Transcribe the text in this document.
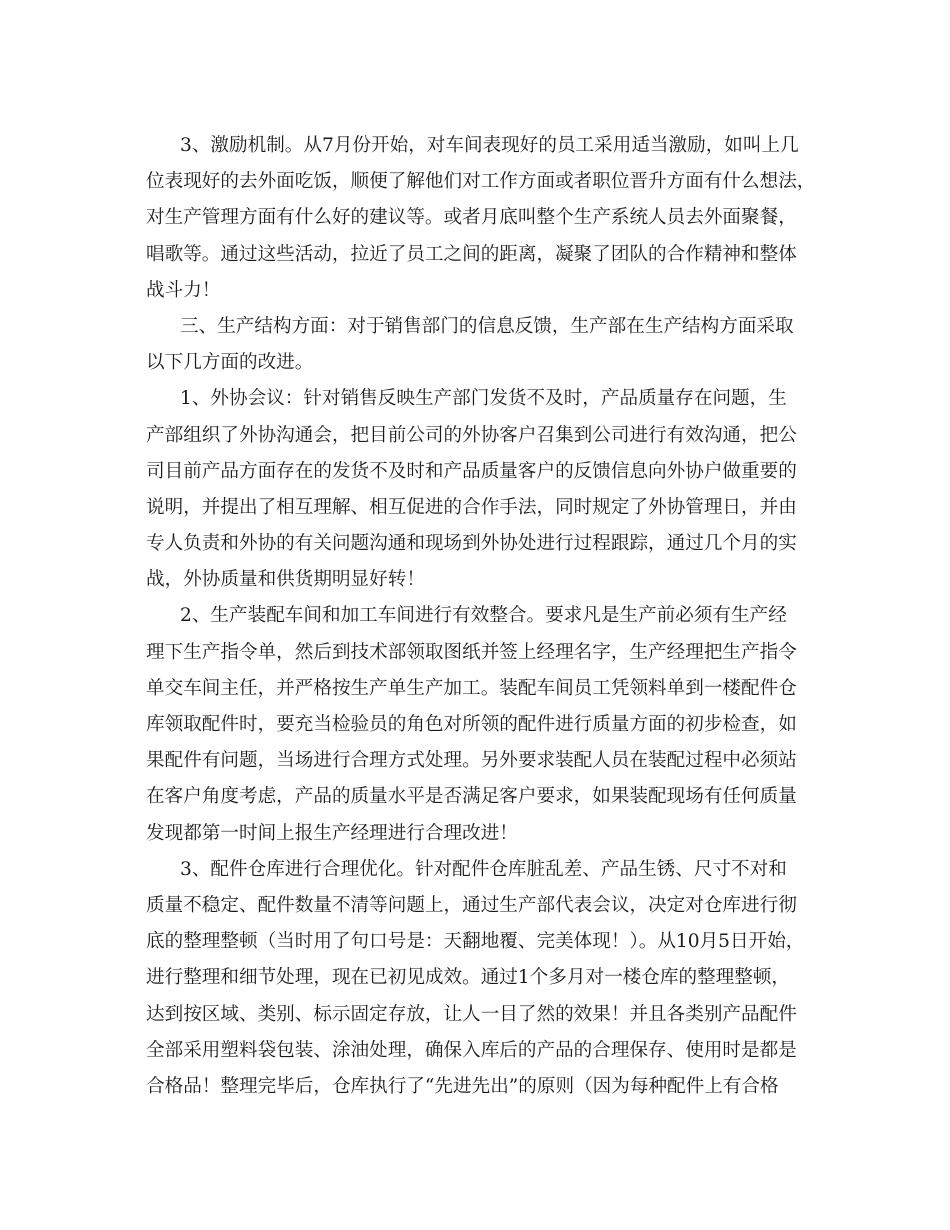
3、激励机制。从7月份开始，对车间表现好的员工采用适当激励，如叫上几
位表现好的去外面吃饭，顺便了解他们对工作方面或者职位晋升方面有什么想法，
对生产管理方面有什么好的建议等。或者月底叫整个生产系统人员去外面聚餐，
唱歌等。通过这些活动，拉近了员工之间的距离，凝聚了团队的合作精神和整体
战斗力！
三、生产结构方面：对于销售部门的信息反馈，生产部在生产结构方面采取
以下几方面的改进。
1、外协会议：针对销售反映生产部门发货不及时，产品质量存在问题，生
产部组织了外协沟通会，把目前公司的外协客户召集到公司进行有效沟通，把公
司目前产品方面存在的发货不及时和产品质量客户的反馈信息向外协户做重要的
说明，并提出了相互理解、相互促进的合作手法，同时规定了外协管理日，并由
专人负责和外协的有关问题沟通和现场到外协处进行过程跟踪，通过几个月的实
战，外协质量和供货期明显好转！
2、生产装配车间和加工车间进行有效整合。要求凡是生产前必须有生产经
理下生产指令单，然后到技术部领取图纸并签上经理名字，生产经理把生产指令
单交车间主任，并严格按生产单生产加工。装配车间员工凭领料单到一楼配件仓
库领取配件时，要充当检验员的角色对所领的配件进行质量方面的初步检查，如
果配件有问题，当场进行合理方式处理。另外要求装配人员在装配过程中必须站
在客户角度考虑，产品的质量水平是否满足客户要求，如果装配现场有任何质量
发现都第一时间上报生产经理进行合理改进！
3、配件仓库进行合理优化。针对配件仓库脏乱差、产品生锈、尺寸不对和
质量不稳定、配件数量不清等问题上，通过生产部代表会议，决定对仓库进行彻
底的整理整顿（当时用了句口号是：天翻地覆、完美体现！）。从10月5日开始，
进行整理和细节处理，现在已初见成效。通过1个多月对一楼仓库的整理整顿，
达到按区域、类别、标示固定存放，让人一目了然的效果！并且各类别产品配件
全部采用塑料袋包装、涂油处理，确保入库后的产品的合理保存、使用时是都是
合格品！整理完毕后，仓库执行了“先进先出”的原则（因为每种配件上有合格
